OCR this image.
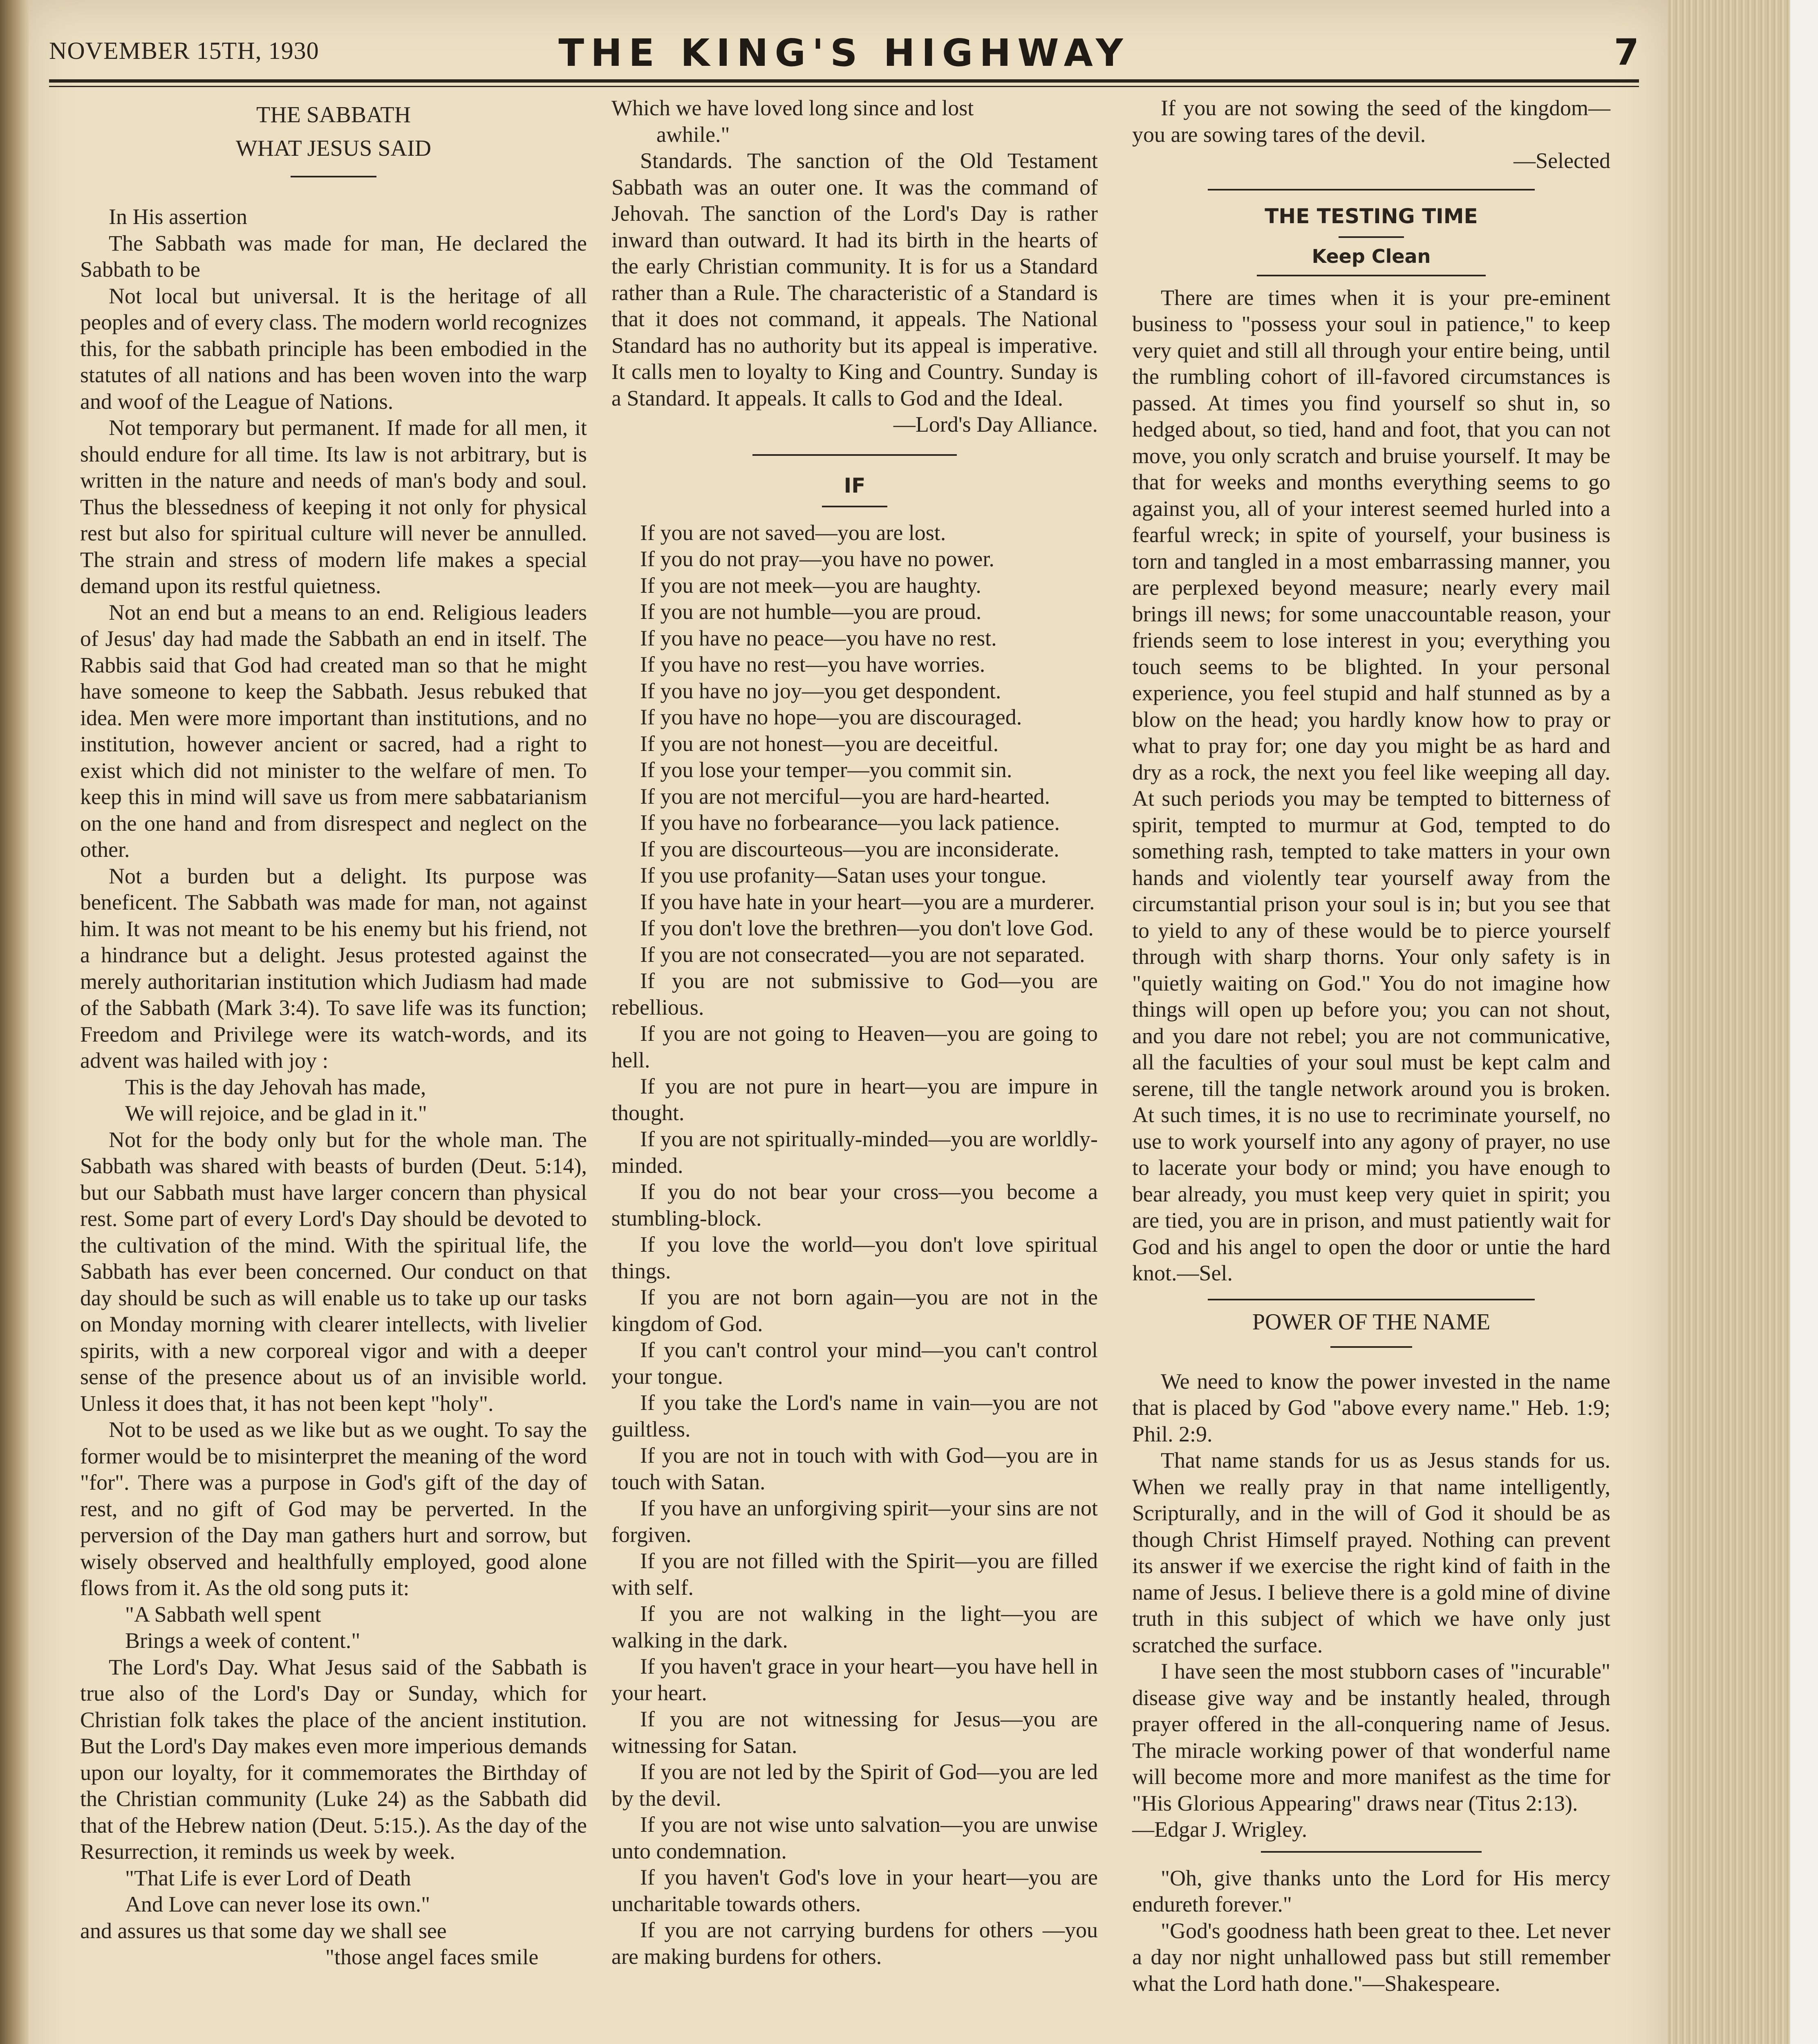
NOVEMBER 15TH, 1930	THE KING'S HIGHWAY	7
THE SABBATH
WHAT JESUS SAID

In His assertion

The Sabbath was made for man, He declared the Sabbath to be

Not local but universal. It is the heritage of all peoples and of every class. The modern world recognizes this, for the sabbath principle has been embodied in the statutes of all nations and has been woven into the warp and woof of the League of Nations.

Not temporary but permanent. If made for all men, it should endure for all time. Its law is not arbitrary, but is written in the nature and needs of man's body and soul. Thus the blessedness of keeping it not only for physical rest but also for spiritual culture will never be annulled. The strain and stress of modern life makes a special demand upon its restful quietness.

Not an end but a means to an end. Religious leaders of Jesus' day had made the Sabbath an end in itself. The Rabbis said that God had created man so that he might have someone to keep the Sabbath. Jesus rebuked that idea. Men were more important than institutions, and no institution, however ancient or sacred, had a right to exist which did not minister to the welfare of men. To keep this in mind will save us from mere sabbatarianism on the one hand and from disrespect and neglect on the other.

Not a burden but a delight. Its purpose was beneficent. The Sabbath was made for man, not against him. It was not meant to be his enemy but his friend, not a hindrance but a delight. Jesus protested against the merely authoritarian institution which Judiasm had made of the Sabbath (Mark 3:4). To save life was its function; Freedom and Privilege were its watch-words, and its advent was hailed with joy :

This is the day Jehovah has made,

We will rejoice, and be glad in it."

Not for the body only but for the whole man. The Sabbath was shared with beasts of burden (Deut. 5:14), but our Sabbath must have larger concern than physical rest. Some part of every Lord's Day should be devoted to the cultivation of the mind. With the spiritual life, the Sabbath has ever been concerned. Our conduct on that day should be such as will enable us to take up our tasks on Monday morning with clearer intellects, with livelier spirits, with a new corporeal vigor and with a deeper sense of the presence about us of an invisible world. Unless it does that, it has not been kept "holy".

Not to be used as we like but as we ought. To say the former would be to misinterpret the meaning of the word "for". There was a purpose in God's gift of the day of rest, and no gift of God may be perverted. In the perversion of the Day man gathers hurt and sorrow, but wisely observed and healthfully employed, good alone flows from it. As the old song puts it:

"A Sabbath well spent

Brings a week of content."

The Lord's Day. What Jesus said of the Sabbath is true also of the Lord's Day or Sunday, which for Christian folk takes the place of the ancient institution. But the Lord's Day makes even more imperious demands upon our loyalty, for it commemorates the Birthday of the Christian community (Luke 24) as the Sabbath did that of the Hebrew nation (Deut. 5:15.). As the day of the Resurrection, it reminds us week by week.

"That Life is ever Lord of Death

And Love can never lose its own."

and assures us that some day we shall see

"those angel faces smile

Which we have loved long since and lost

awhile."

Standards. The sanction of the Old Testament Sabbath was an outer one. It was the command of Jehovah. The sanction of the Lord's Day is rather inward than outward. It had its birth in the hearts of the early Christian community. It is for us a Standard rather than a Rule. The characteristic of a Standard is that it does not command, it appeals. The National Standard has no authority but its appeal is imperative. It calls men to loyalty to King and Country. Sunday is a Standard. It appeals. It calls to God and the Ideal.

—Lord's Day Alliance.

IF

If you are not saved—you are lost.

If you do not pray—you have no power.

If you are not meek—you are haughty.

If you are not humble—you are proud.

If you have no peace—you have no rest.

If you have no rest—you have worries.

If you have no joy—you get despondent.

If you have no hope—you are discouraged.

If you are not honest—you are deceitful.

If you lose your temper—you commit sin.

If you are not merciful—you are hard-hearted.

If you have no forbearance—you lack patience.

If you are discourteous—you are inconsiderate.

If you use profanity—Satan uses your tongue.

If you have hate in your heart—you are a murderer.

If you don't love the brethren—you don't love God.

If you are not consecrated—you are not separated.

If you are not submissive to God—you are rebellious.

If you are not going to Heaven—you are going to hell.

If you are not pure in heart—you are impure in thought.

If you are not spiritually-minded—you are worldly-minded.

If you do not bear your cross—you become a stumbling-block.

If you love the world—you don't love spiritual things.

If you are not born again—you are not in the kingdom of God.

If you can't control your mind—you can't control your tongue.

If you take the Lord's name in vain—you are not guiltless.

If you are not in touch with with God—you are in touch with Satan.

If you have an unforgiving spirit—your sins are not forgiven.

If you are not filled with the Spirit—you are filled with self.

If you are not walking in the light—you are walking in the dark.

If you haven't grace in your heart—you have hell in your heart.

If you are not witnessing for Jesus—you are witnessing for Satan.

If you are not led by the Spirit of God—you are led by the devil.

If you are not wise unto salvation—you are unwise unto condemnation.

If you haven't God's love in your heart—you are uncharitable towards others.

If you are not carrying burdens for others —you are making burdens for others.

If you are not sowing the seed of the kingdom—you are sowing tares of the devil.

—Selected

THE TESTING TIME
Keep Clean

There are times when it is your pre-eminent business to "possess your soul in patience," to keep very quiet and still all through your entire being, until the rumbling cohort of ill-favored circumstances is passed. At times you find yourself so shut in, so hedged about, so tied, hand and foot, that you can not move, you only scratch and bruise yourself. It may be that for weeks and months everything seems to go against you, all of your interest seemed hurled into a fearful wreck; in spite of yourself, your business is torn and tangled in a most embarrassing manner, you are perplexed beyond measure; nearly every mail brings ill news; for some unaccountable reason, your friends seem to lose interest in you; everything you touch seems to be blighted. In your personal experience, you feel stupid and half stunned as by a blow on the head; you hardly know how to pray or what to pray for; one day you might be as hard and dry as a rock, the next you feel like weeping all day. At such periods you may be tempted to bitterness of spirit, tempted to murmur at God, tempted to do something rash, tempted to take matters in your own hands and violently tear yourself away from the circumstantial prison your soul is in; but you see that to yield to any of these would be to pierce yourself through with sharp thorns. Your only safety is in "quietly waiting on God." You do not imagine how things will open up before you; you can not shout, and you dare not rebel; you are not communicative, all the faculties of your soul must be kept calm and serene, till the tangle network around you is broken. At such times, it is no use to recriminate yourself, no use to work yourself into any agony of prayer, no use to lacerate your body or mind; you have enough to bear already, you must keep very quiet in spirit; you are tied, you are in prison, and must patiently wait for God and his angel to open the door or untie the hard knot.—Sel.

POWER OF THE NAME

We need to know the power invested in the name that is placed by God "above every name." Heb. 1:9; Phil. 2:9.

That name stands for us as Jesus stands for us. When we really pray in that name intelligently, Scripturally, and in the will of God it should be as though Christ Himself prayed. Nothing can prevent its answer if we exercise the right kind of faith in the name of Jesus. I believe there is a gold mine of divine truth in this subject of which we have only just scratched the surface.

I have seen the most stubborn cases of "incurable" disease give way and be instantly healed, through prayer offered in the all-conquering name of Jesus. The miracle working power of that wonderful name will become more and more manifest as the time for "His Glorious Appearing" draws near (Titus 2:13).

—Edgar J. Wrigley.

"Oh, give thanks unto the Lord for His mercy endureth forever."

"God's goodness hath been great to thee. Let never a day nor night unhallowed pass but still remember what the Lord hath done."—Shakespeare.
